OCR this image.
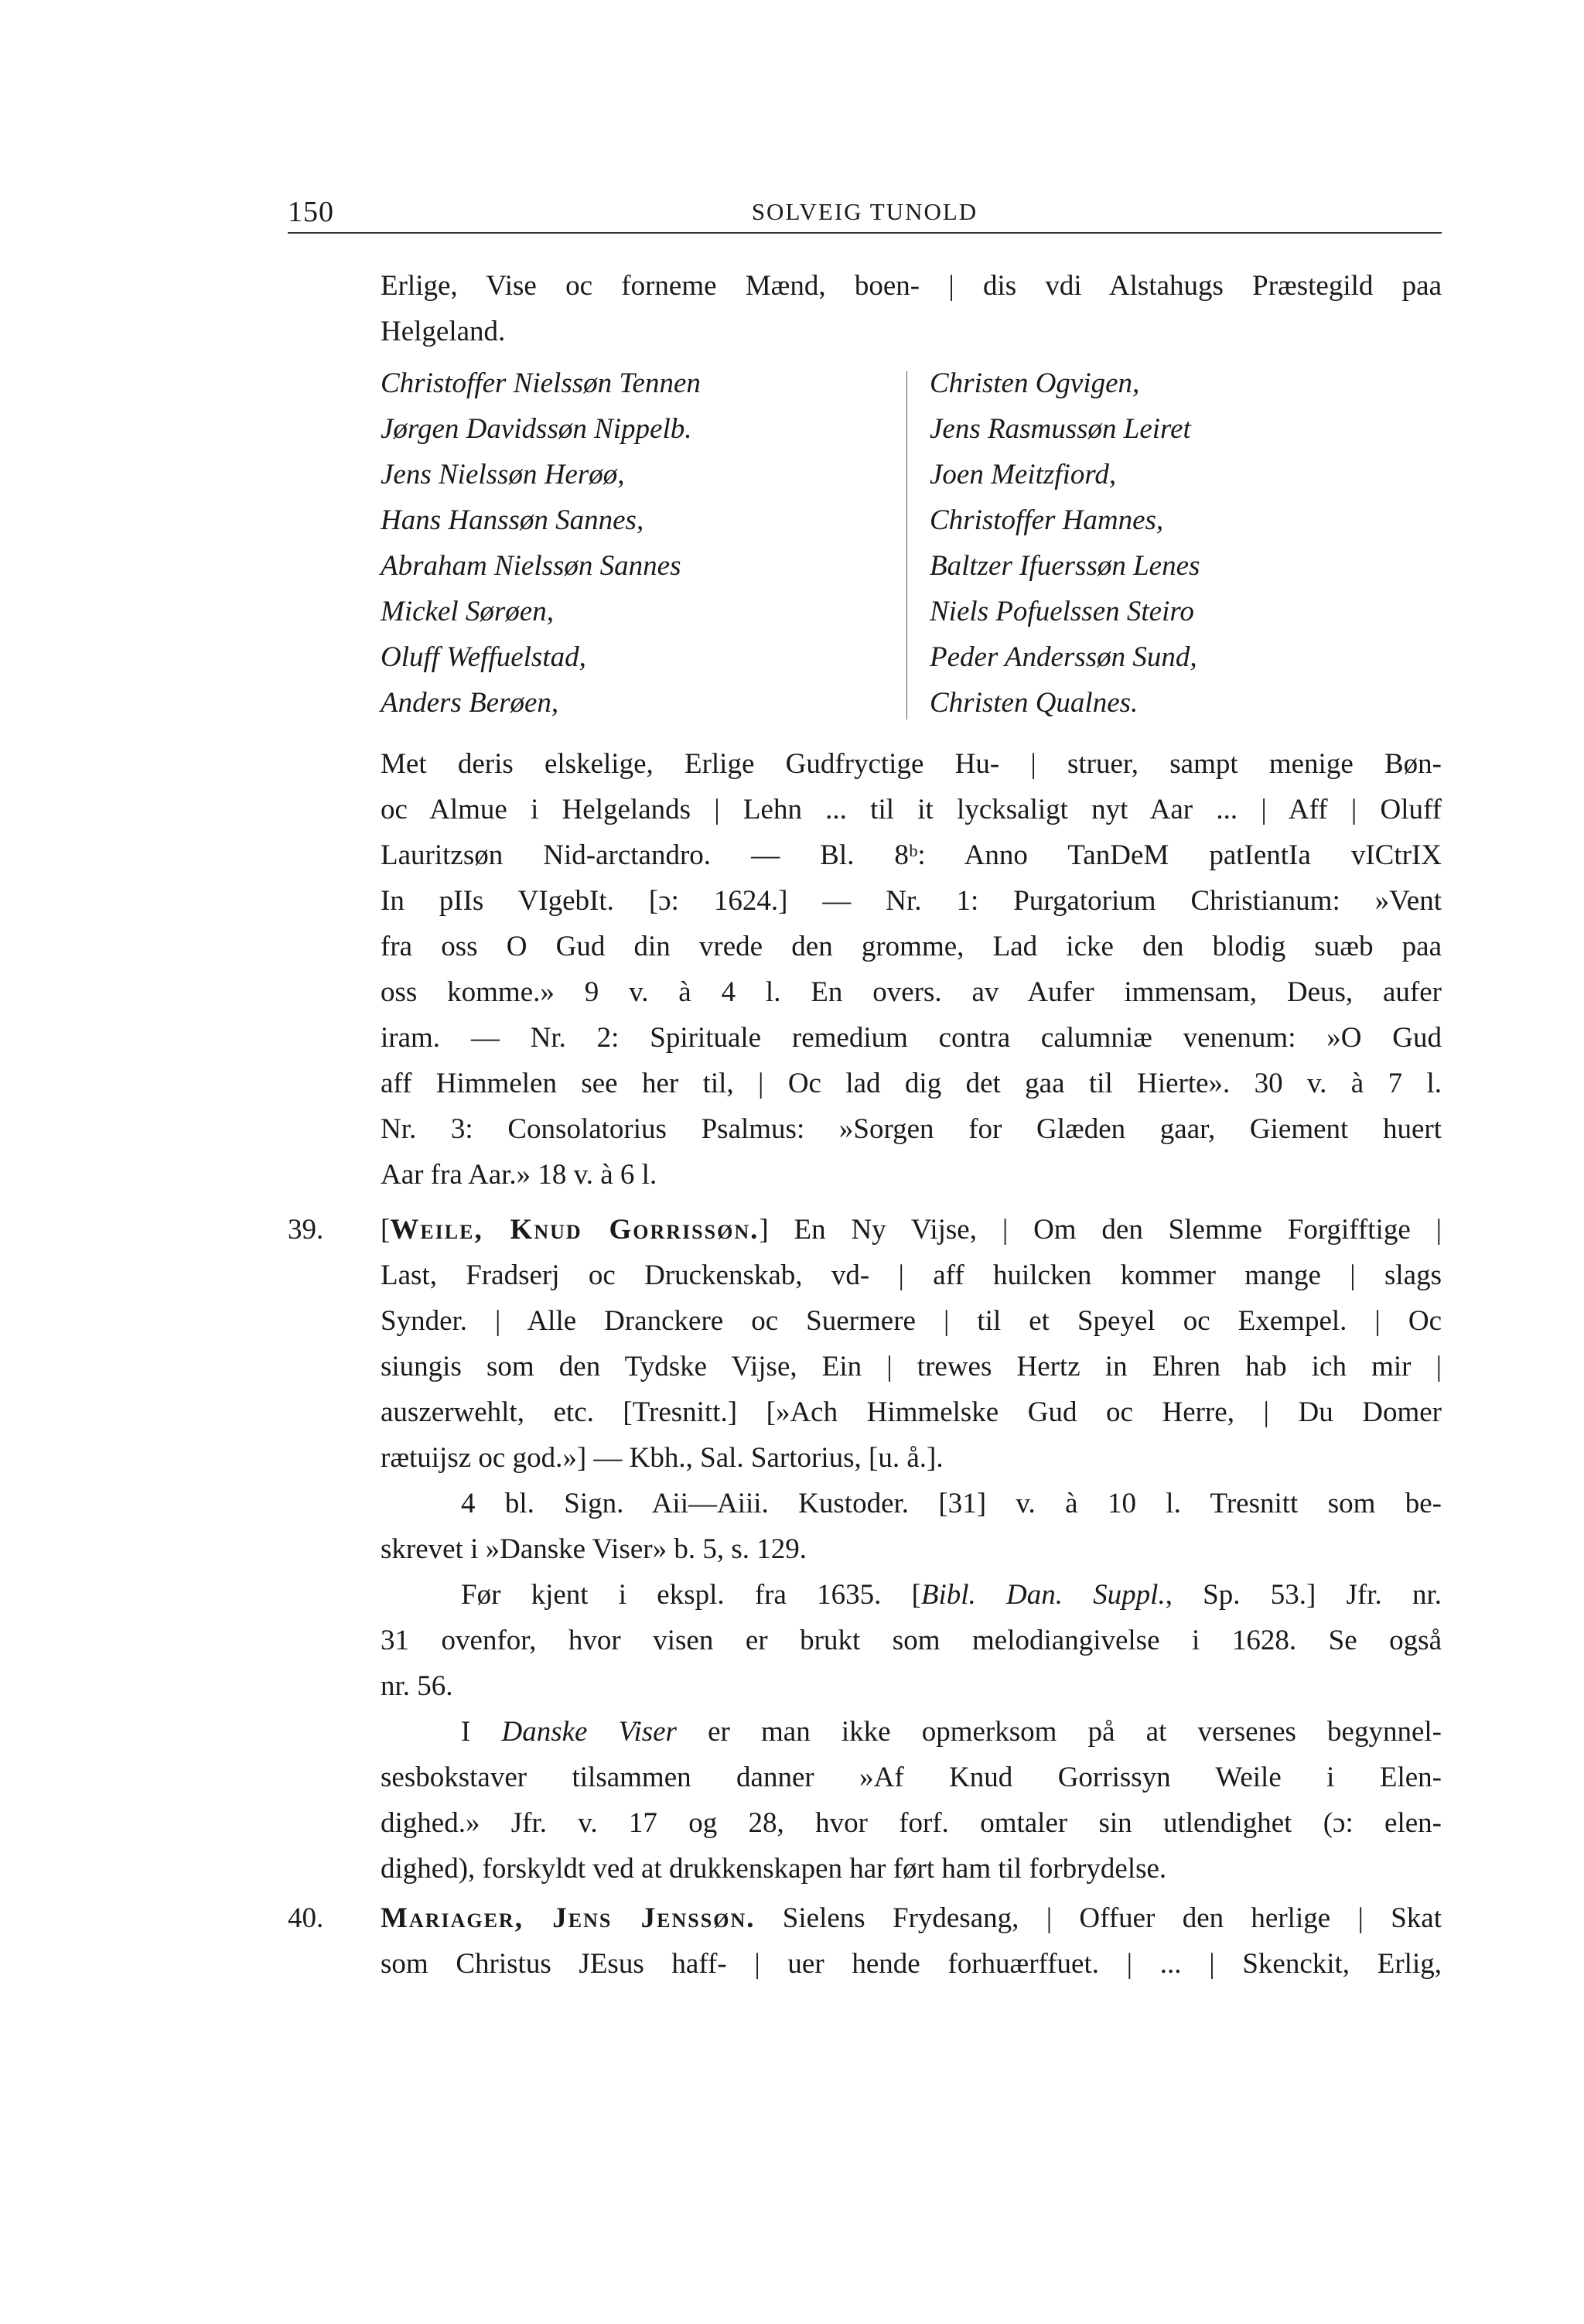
150	SOLVEIG TUNOLD
Erlige, Vise oc forneme Mænd, boen- | dis vdi Alstahugs Præstegild paa
Helgeland.
Christoffer Nielssøn Tennen
Jørgen Davidssøn Nippelb.
Jens Nielssøn Herøø,
Hans Hanssøn Sannes,
Abraham Nielssøn Sannes
Mickel Sørøen,
Oluff Weffuelstad,
Anders Berøen,
Christen Ogvigen,
Jens Rasmussøn Leiret
Joen Meitzfiord,
Christoffer Hamnes,
Baltzer Ifuerssøn Lenes
Niels Pofuelssen Steiro
Peder Anderssøn Sund,
Christen Qualnes.
Met deris elskelige, Erlige Gudfryctige Hu- | struer, sampt menige Bøn-
oc Almue i Helgelands | Lehn ... til it lycksaligt nyt Aar ... | Aff | Oluff
Lauritzsøn Nid-arctandro. — Bl. 8ᵇ: Anno TanDeM patIentIa vICtrIX
In pIIs VIgebIt. [ɔ: 1624.] — Nr. 1: Purgatorium Christianum: »Vent
fra oss O Gud din vrede den gromme, Lad icke den blodig suæb paa
oss komme.» 9 v. à 4 l. En overs. av Aufer immensam, Deus, aufer
iram. — Nr. 2: Spirituale remedium contra calumniæ venenum: »O Gud
aff Himmelen see her til, | Oc lad dig det gaa til Hierte». 30 v. à 7 l.
Nr. 3: Consolatorius Psalmus: »Sorgen for Glæden gaar, Giement huert
Aar fra Aar.» 18 v. à 6 l.
39. [Weile, Knud Gorrissøn.] En Ny Vijse, | Om den Slemme Forgifftige |
Last, Fradserj oc Druckenskab, vd- | aff huilcken kommer mange | slags
Synder. | Alle Dranckere oc Suermere | til et Speyel oc Exempel. | Oc
siungis som den Tydske Vijse, Ein | trewes Hertz in Ehren hab ich mir |
auszerwehlt, etc. [Tresnitt.] [»Ach Himmelske Gud oc Herre, | Du Domer
rætuijsz oc god.»] — Kbh., Sal. Sartorius, [u. å.].
4 bl. Sign. Aii—Aiii. Kustoder. [31] v. à 10 l. Tresnitt som be-
skrevet i »Danske Viser» b. 5, s. 129.
Før kjent i ekspl. fra 1635. [Bibl. Dan. Suppl., Sp. 53.] Jfr. nr.
31 ovenfor, hvor visen er brukt som melodiangivelse i 1628. Se også
nr. 56.
I Danske Viser er man ikke opmerksom på at versenes begynnel-
sesbokstaver tilsammen danner »Af Knud Gorrissyn Weile i Elen-
dighed.» Jfr. v. 17 og 28, hvor forf. omtaler sin utlendighet (ɔ: elen-
dighed), forskyldt ved at drukkenskapen har ført ham til forbrydelse.
40. Mariager, Jens Jenssøn. Sielens Frydesang, | Offuer den herlige | Skat
som Christus JEsus haff- | uer hende forhuærffuet. | ... | Skenckit, Erlig,
